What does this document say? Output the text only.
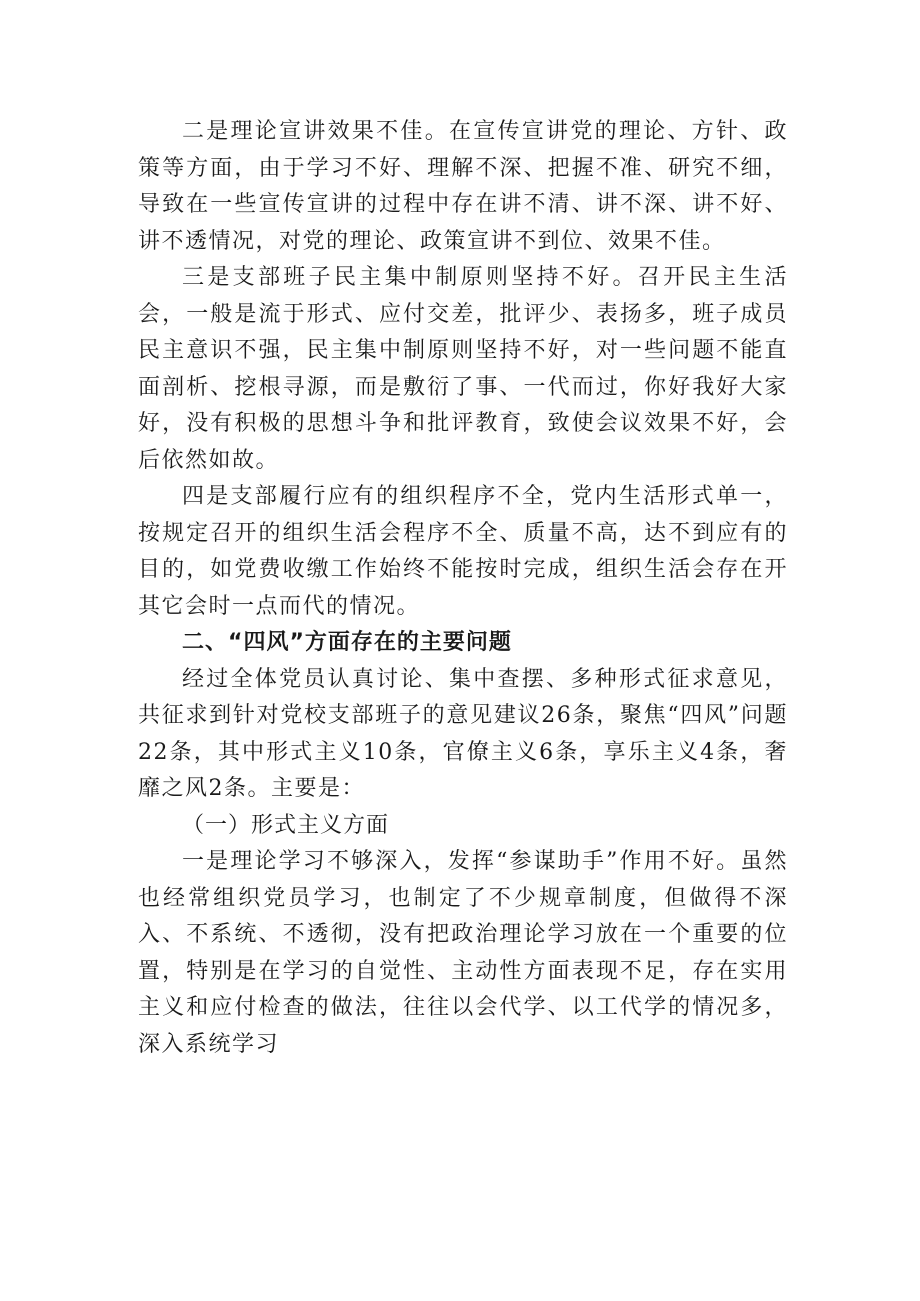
二是理论宣讲效果不佳。在宣传宣讲党的理论、方针、政策等方面，由于学习不好、理解不深、把握不准、研究不细，导致在一些宣传宣讲的过程中存在讲不清、讲不深、讲不好、讲不透情况，对党的理论、政策宣讲不到位、效果不佳。

三是支部班子民主集中制原则坚持不好。召开民主生活会，一般是流于形式、应付交差，批评少、表扬多，班子成员民主意识不强，民主集中制原则坚持不好，对一些问题不能直面剖析、挖根寻源，而是敷衍了事、一代而过，你好我好大家好，没有积极的思想斗争和批评教育，致使会议效果不好，会后依然如故。

四是支部履行应有的组织程序不全，党内生活形式单一，按规定召开的组织生活会程序不全、质量不高，达不到应有的目的，如党费收缴工作始终不能按时完成，组织生活会存在开其它会时一点而代的情况。

二、“四风”方面存在的主要问题

经过全体党员认真讨论、集中查摆、多种形式征求意见，共征求到针对党校支部班子的意见建议26条，聚焦“四风”问题22条，其中形式主义10条，官僚主义6条，享乐主义4条，奢靡之风2条。主要是：

（一）形式主义方面

一是理论学习不够深入，发挥“参谋助手”作用不好。虽然也经常组织党员学习，也制定了不少规章制度，但做得不深入、不系统、不透彻，没有把政治理论学习放在一个重要的位置，特别是在学习的自觉性、主动性方面表现不足，存在实用主义和应付检查的做法，往往以会代学、以工代学的情况多，深入系统学习
